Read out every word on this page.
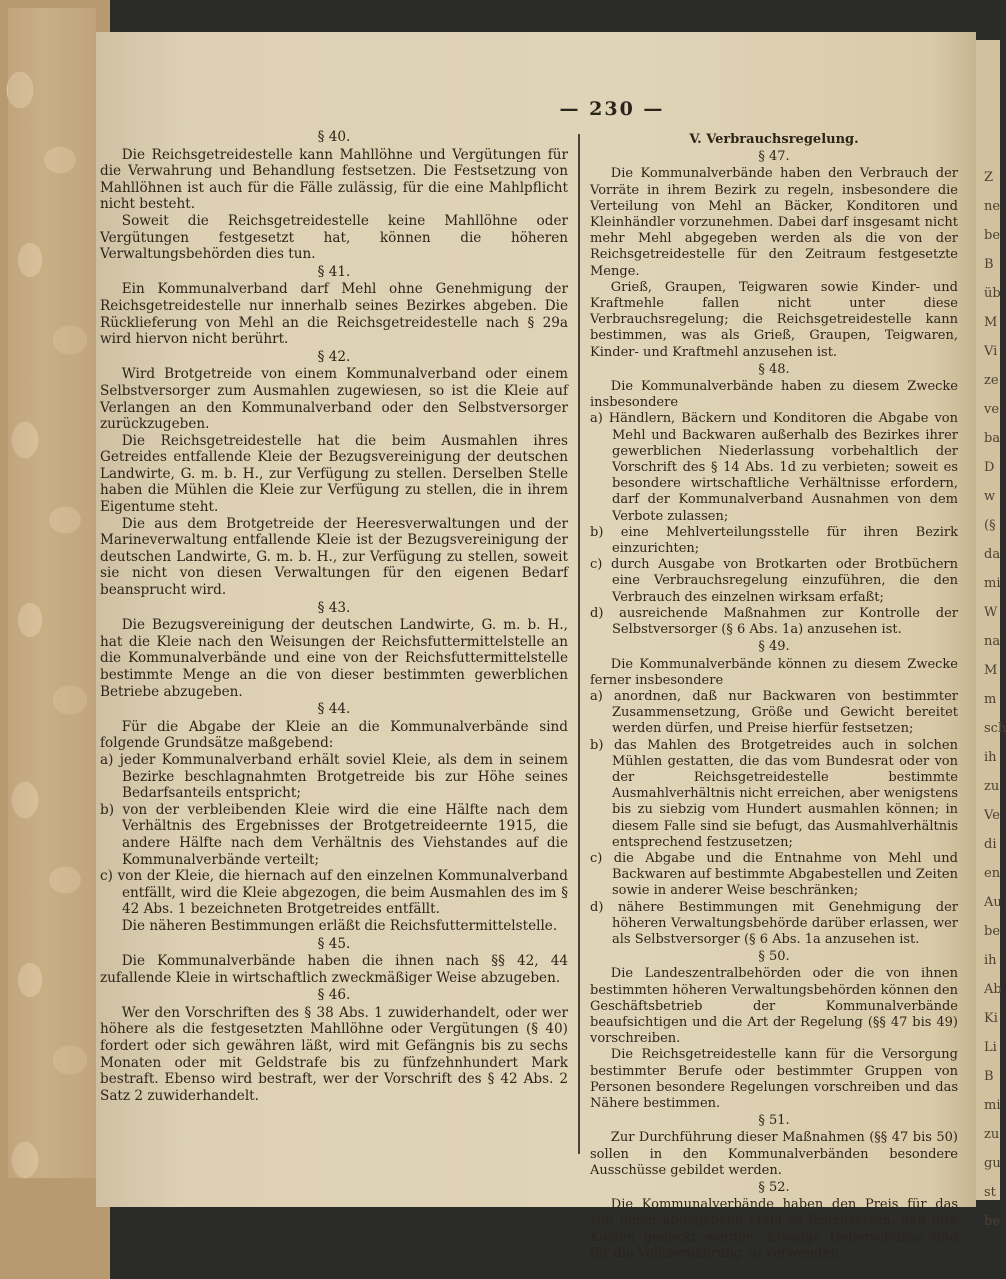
— 230 —

§ 40.

Die Reichsgetreidestelle kann Mahllöhne und Vergütungen für die Verwahrung und Behandlung festsetzen. Die Festsetzung von Mahllöhnen ist auch für die Fälle zulässig, für die eine Mahlpflicht nicht besteht.

Soweit die Reichsgetreidestelle keine Mahllöhne oder Vergütungen festgesetzt hat, können die höheren Verwaltungsbehörden dies tun.

§ 41.

Ein Kommunalverband darf Mehl ohne Genehmigung der Reichsgetreidestelle nur innerhalb seines Bezirkes abgeben. Die Rücklieferung von Mehl an die Reichsgetreidestelle nach § 29a wird hiervon nicht berührt.

§ 42.

Wird Brotgetreide von einem Kommunalverband oder einem Selbstversorger zum Ausmahlen zugewiesen, so ist die Kleie auf Verlangen an den Kommunalverband oder den Selbstversorger zurückzugeben.

Die Reichsgetreidestelle hat die beim Ausmahlen ihres Getreides entfallende Kleie der Bezugsvereinigung der deutschen Landwirte, G. m. b. H., zur Verfügung zu stellen. Derselben Stelle haben die Mühlen die Kleie zur Verfügung zu stellen, die in ihrem Eigentume steht.

Die aus dem Brotgetreide der Heeresverwaltungen und der Marineverwaltung entfallende Kleie ist der Bezugsvereinigung der deutschen Landwirte, G. m. b. H., zur Verfügung zu stellen, soweit sie nicht von diesen Verwaltungen für den eigenen Bedarf beansprucht wird.

§ 43.

Die Bezugsvereinigung der deutschen Landwirte, G. m. b. H., hat die Kleie nach den Weisungen der Reichsfuttermittelstelle an die Kommunalverbände und eine von der Reichsfuttermittelstelle bestimmte Menge an die von dieser bestimmten gewerblichen Betriebe abzugeben.

§ 44.

Für die Abgabe der Kleie an die Kommunalverbände sind folgende Grundsätze maßgebend:

a) jeder Kommunalverband erhält soviel Kleie, als dem in seinem Bezirke beschlagnahmten Brotgetreide bis zur Höhe seines Bedarfsanteils entspricht;

b) von der verbleibenden Kleie wird die eine Hälfte nach dem Verhältnis des Ergebnisses der Brotgetreideernte 1915, die andere Hälfte nach dem Verhältnis des Viehstandes auf die Kommunalverbände verteilt;

c) von der Kleie, die hiernach auf den einzelnen Kommunalverband entfällt, wird die Kleie abgezogen, die beim Ausmahlen des im § 42 Abs. 1 bezeichneten Brotgetreides entfällt.

Die näheren Bestimmungen erläßt die Reichsfuttermittelstelle.

§ 45.

Die Kommunalverbände haben die ihnen nach §§ 42, 44 zufallende Kleie in wirtschaftlich zweckmäßiger Weise abzugeben.

§ 46.

Wer den Vorschriften des § 38 Abs. 1 zuwiderhandelt, oder wer höhere als die festgesetzten Mahllöhne oder Vergütungen (§ 40) fordert oder sich gewähren läßt, wird mit Gefängnis bis zu sechs Monaten oder mit Geldstrafe bis zu fünfzehnhundert Mark bestraft. Ebenso wird bestraft, wer der Vorschrift des § 42 Abs. 2 Satz 2 zuwiderhandelt.

V. Verbrauchsregelung.

§ 47.

Die Kommunalverbände haben den Verbrauch der Vorräte in ihrem Bezirk zu regeln, insbesondere die Verteilung von Mehl an Bäcker, Konditoren und Kleinhändler vorzunehmen. Dabei darf insgesamt nicht mehr Mehl abgegeben werden als die von der Reichsgetreidestelle für den Zeitraum festgesetzte Menge.

Grieß, Graupen, Teigwaren sowie Kinder- und Kraftmehle fallen nicht unter diese Verbrauchsregelung; die Reichsgetreidestelle kann bestimmen, was als Grieß, Graupen, Teigwaren, Kinder- und Kraftmehl anzusehen ist.

§ 48.

Die Kommunalverbände haben zu diesem Zwecke insbesondere

a) Händlern, Bäckern und Konditoren die Abgabe von Mehl und Backwaren außerhalb des Bezirkes ihrer gewerblichen Niederlassung vorbehaltlich der Vorschrift des § 14 Abs. 1d zu verbieten; soweit es besondere wirtschaftliche Verhältnisse erfordern, darf der Kommunalverband Ausnahmen von dem Verbote zulassen;

b) eine Mehlverteilungsstelle für ihren Bezirk einzurichten;

c) durch Ausgabe von Brotkarten oder Brotbüchern eine Verbrauchsregelung einzuführen, die den Verbrauch des einzelnen wirksam erfaßt;

d) ausreichende Maßnahmen zur Kontrolle der Selbstversorger (§ 6 Abs. 1a) anzusehen ist.

§ 49.

Die Kommunalverbände können zu diesem Zwecke ferner insbesondere

a) anordnen, daß nur Backwaren von bestimmter Zusammensetzung, Größe und Gewicht bereitet werden dürfen, und Preise hierfür festsetzen;

b) das Mahlen des Brotgetreides auch in solchen Mühlen gestatten, die das vom Bundesrat oder von der Reichsgetreidestelle bestimmte Ausmahlverhältnis nicht erreichen, aber wenigstens bis zu siebzig vom Hundert ausmahlen können; in diesem Falle sind sie befugt, das Ausmahlverhältnis entsprechend festzusetzen;

c) die Abgabe und die Entnahme von Mehl und Backwaren auf bestimmte Abgabestellen und Zeiten sowie in anderer Weise beschränken;

d) nähere Bestimmungen mit Genehmigung der höheren Verwaltungsbehörde darüber erlassen, wer als Selbstversorger (§ 6 Abs. 1a anzusehen ist.

§ 50.

Die Landeszentralbehörden oder die von ihnen bestimmten höheren Verwaltungsbehörden können den Geschäftsbetrieb der Kommunalverbände beaufsichtigen und die Art der Regelung (§§ 47 bis 49) vorschreiben.

Die Reichsgetreidestelle kann für die Versorgung bestimmter Berufe oder bestimmter Gruppen von Personen besondere Regelungen vorschreiben und das Nähere bestimmen.

§ 51.

Zur Durchführung dieser Maßnahmen (§§ 47 bis 50) sollen in den Kommunalverbänden besondere Ausschüsse gebildet werden.

§ 52.

Die Kommunalverbände haben den Preis für das von ihnen abgegebene Mehl so festzusetzen, daß ihre Kosten gedeckt werden. Etwaige Ueberschüsse sind für die Volksernährung zu verwenden.

Z
ne
be
B
üb
M
Vi
ze
ve
ba
D
w
(§
da
mi
W
na
M
m
sch
ih
zu
Ve
di
en
Au
be
ih
Ab
Ki
Li
B
mi
zu
gu
st
be
